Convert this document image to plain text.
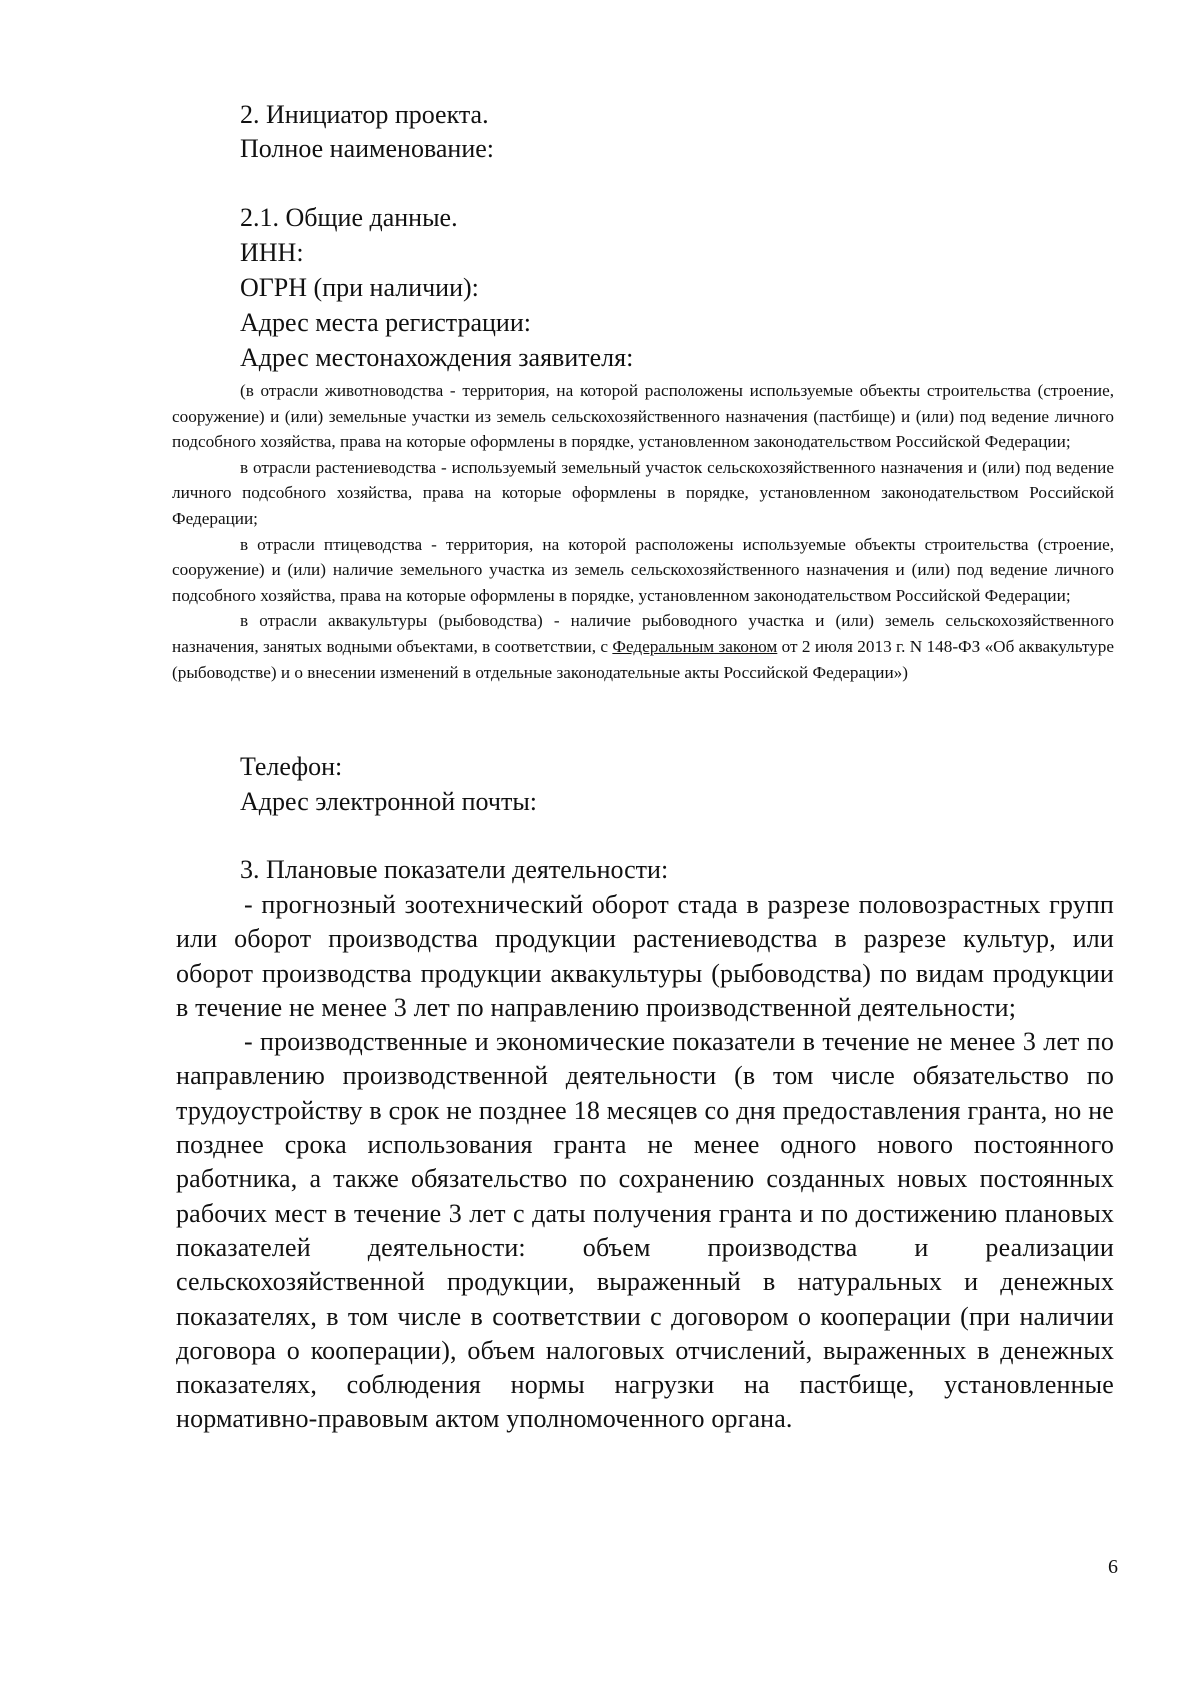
2. Инициатор проекта.
Полное наименование:
2.1. Общие данные.
ИНН:
ОГРН (при наличии):
Адрес места регистрации:
Адрес местонахождения заявителя:

(в отрасли животноводства - территория, на которой расположены используемые объекты строительства (строение, сооружение) и (или) земельные участки из земель сельскохозяйственного назначения (пастбище) и (или) под ведение личного подсобного хозяйства, права на которые оформлены в порядке, установленном законодательством Российской Федерации;

в отрасли растениеводства - используемый земельный участок сельскохозяйственного назначения и (или) под ведение личного подсобного хозяйства, права на которые оформлены в порядке, установленном законодательством Российской Федерации;

в отрасли птицеводства - территория, на которой расположены используемые объекты строительства (строение, сооружение) и (или) наличие земельного участка из земель сельскохозяйственного назначения и (или) под ведение личного подсобного хозяйства, права на которые оформлены в порядке, установленном законодательством Российской Федерации;

в отрасли аквакультуры (рыбоводства) - наличие рыбоводного участка и (или) земель сельскохозяйственного назначения, занятых водными объектами, в соответствии, с Федеральным законом от 2 июля 2013 г. N 148-ФЗ «Об аквакультуре (рыбоводстве) и о внесении изменений в отдельные законодательные акты Российской Федерации»)

Телефон:
Адрес электронной почты:
3. Плановые показатели деятельности:

- прогнозный зоотехнический оборот стада в разрезе половозрастных групп или оборот производства продукции растениеводства в разрезе культур, или оборот производства продукции аквакультуры (рыбоводства) по видам продукции в течение не менее 3 лет по направлению производственной деятельности;

- производственные и экономические показатели в течение не менее 3 лет по направлению производственной деятельности (в том числе обязательство по трудоустройству в срок не позднее 18 месяцев со дня предоставления гранта, но не позднее срока использования гранта не менее одного нового постоянного работника, а также обязательство по сохранению созданных новых постоянных рабочих мест в течение 3 лет с даты получения гранта и по достижению плановых показателей деятельности: объем производства и реализации сельскохозяйственной продукции, выраженный в натуральных и денежных показателях, в том числе в соответствии с договором о кооперации (при наличии договора о кооперации), объем налоговых отчислений, выраженных в денежных показателях, соблюдения нормы нагрузки на пастбище, установленные нормативно-правовым актом уполномоченного органа.

6
